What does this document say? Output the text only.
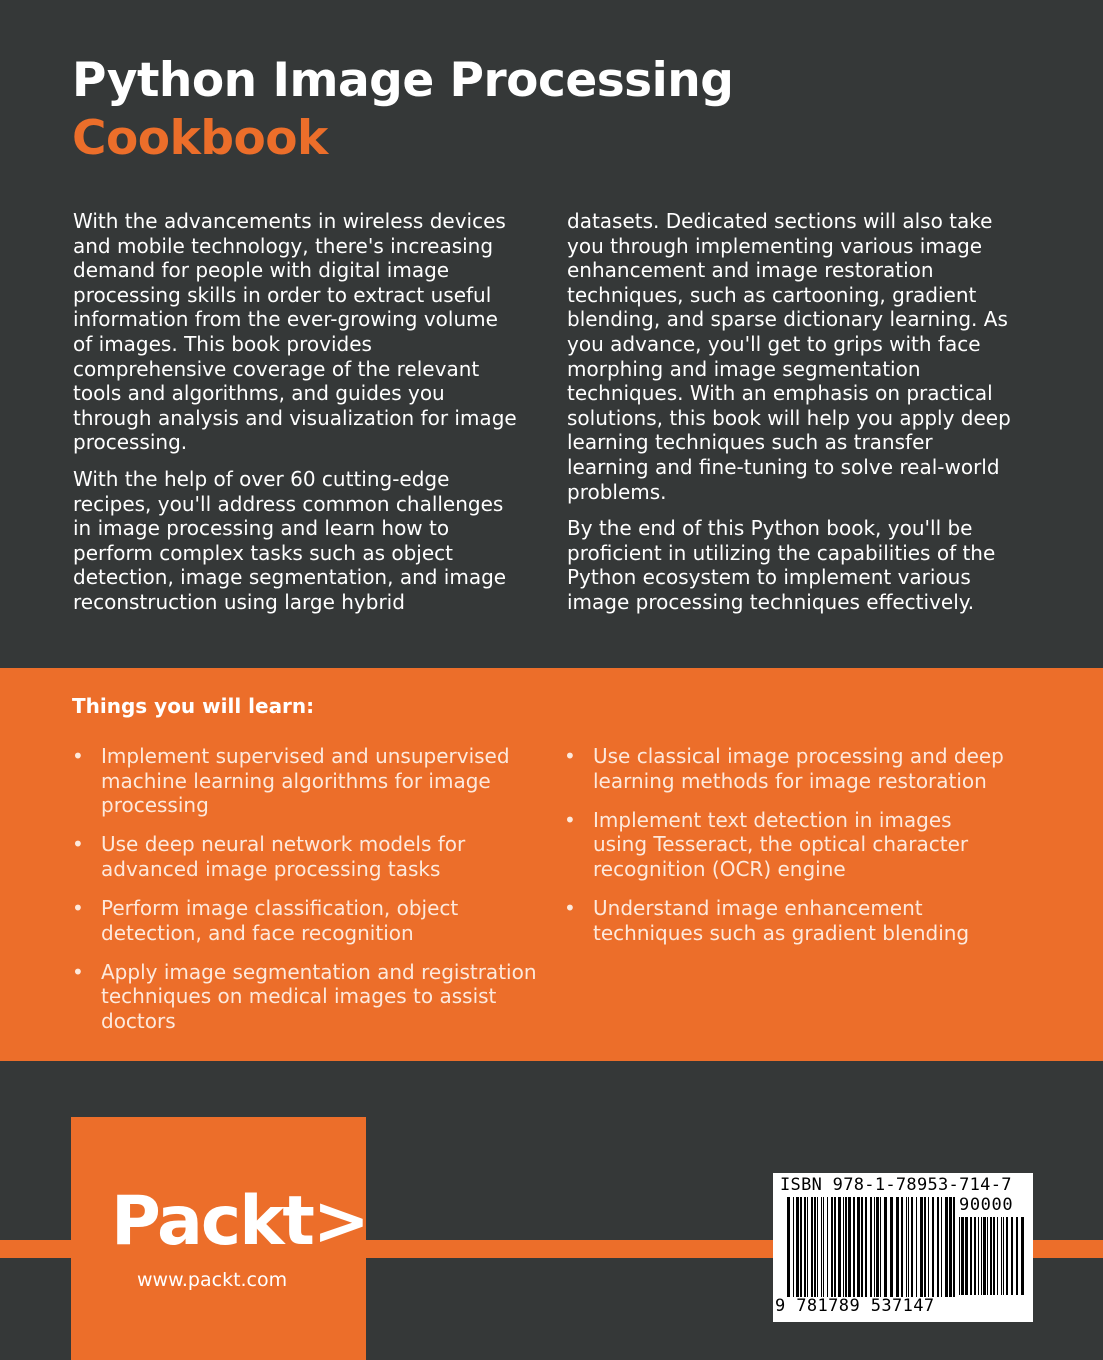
Python Image Processing
Cookbook

With the advancements in wireless devices and mobile technology, there's increasing demand for people with digital image processing skills in order to extract useful information from the ever-growing volume of images. This book provides comprehensive coverage of the relevant tools and algorithms, and guides you through analysis and visualization for image processing.

With the help of over 60 cutting-edge recipes, you'll address common challenges in image processing and learn how to perform complex tasks such as object detection, image segmentation, and image reconstruction using large hybrid

datasets. Dedicated sections will also take you through implementing various image enhancement and image restoration techniques, such as cartooning, gradient blending, and sparse dictionary learning. As you advance, you'll get to grips with face morphing and image segmentation techniques. With an emphasis on practical solutions, this book will help you apply deep learning techniques such as transfer learning and fine-tuning to solve real-world problems.

By the end of this Python book, you'll be proficient in utilizing the capabilities of the Python ecosystem to implement various image processing techniques effectively.

Things you will learn:
• Implement supervised and unsupervised machine learning algorithms for image processing
• Use deep neural network models for advanced image processing tasks
• Perform image classification, object detection, and face recognition
• Apply image segmentation and registration techniques on medical images to assist doctors
• Use classical image processing and deep learning methods for image restoration
• Implement text detection in images using Tesseract, the optical character recognition (OCR) engine
• Understand image enhancement techniques such as gradient blending
Packt>
www.packt.com
ISBN 978-1-78953-714-7
90000
9 781789 537147
